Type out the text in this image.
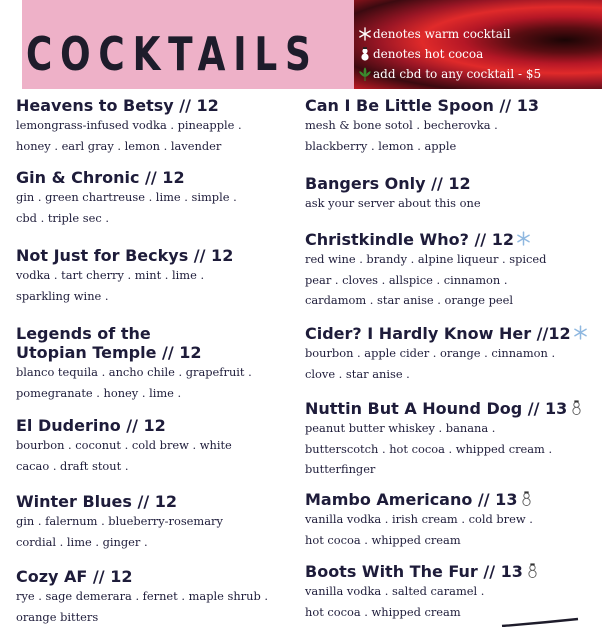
COCKTAILS	denotes warm cocktail
denotes hot cocoa
add cbd to any cocktail - $5
Heavens to Betsy // 12
lemongrass-infused vodka . pineapple .
honey . earl gray . lemon . lavender
Gin & Chronic // 12
gin . green chartreuse . lime . simple .
cbd . triple sec .
Not Just for Beckys // 12
vodka . tart cherry . mint . lime .
sparkling wine .
Legends of the
Utopian Temple // 12
blanco tequila . ancho chile . grapefruit .
pomegranate . honey . lime .
El Duderino // 12
bourbon . coconut . cold brew . white
cacao . draft stout .
Winter Blues // 12
gin . falernum . blueberry-rosemary
cordial . lime . ginger .
Cozy AF // 12
rye . sage demerara . fernet . maple shrub .
orange bitters
Can I Be Little Spoon // 13
mesh & bone sotol . becherovka .
blackberry . lemon . apple
Bangers Only // 12
ask your server about this one
Christkindle Who? // 12
red wine . brandy . alpine liqueur . spiced
pear . cloves . allspice . cinnamon .
cardamom . star anise . orange peel
Cider? I Hardly Know Her //12
bourbon . apple cider . orange . cinnamon .
clove . star anise .
Nuttin But A Hound Dog // 13
peanut butter whiskey . banana .
butterscotch . hot cocoa . whipped cream .
butterfinger
Mambo Americano // 13
vanilla vodka . irish cream . cold brew .
hot cocoa . whipped cream
Boots With The Fur // 13
vanilla vodka . salted caramel .
hot cocoa . whipped cream
